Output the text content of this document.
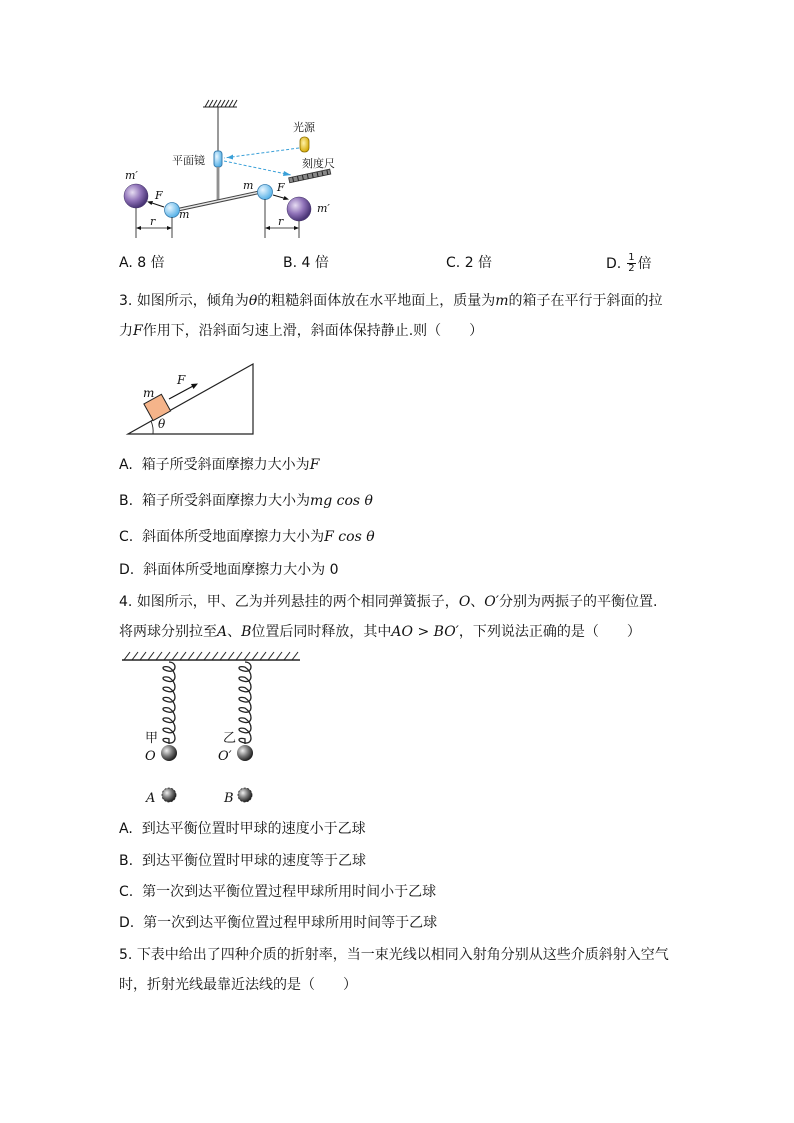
光源
平面镜	刻度尺
m′
m′
F
m
m F
r	r
A. 8 倍	B. 4 倍	C. 2 倍	D. 1
2 倍
3. 如图所示，倾角为θ的粗糙斜面体放在水平地面上，质量为m的箱子在平行于斜面的拉
力F作用下，沿斜面匀速上滑，斜面体保持静止.则（　　）
m
F
θ
A. 箱子所受斜面摩擦力大小为F
B. 箱子所受斜面摩擦力大小为mg cos θ
C. 斜面体所受地面摩擦力大小为F cos θ
D. 斜面体所受地面摩擦力大小为 0
4. 如图所示，甲、乙为并列悬挂的两个相同弹簧振子，O、O′分别为两振子的平衡位置.
将两球分别拉至A、B位置后同时释放，其中AO > BO′，下列说法正确的是（　　）
甲
O
乙
O′
A	B
A. 到达平衡位置时甲球的速度小于乙球
B. 到达平衡位置时甲球的速度等于乙球
C. 第一次到达平衡位置过程甲球所用时间小于乙球
D. 第一次到达平衡位置过程甲球所用时间等于乙球
5. 下表中给出了四种介质的折射率，当一束光线以相同入射角分别从这些介质斜射入空气
时，折射光线最靠近法线的是（　　）
